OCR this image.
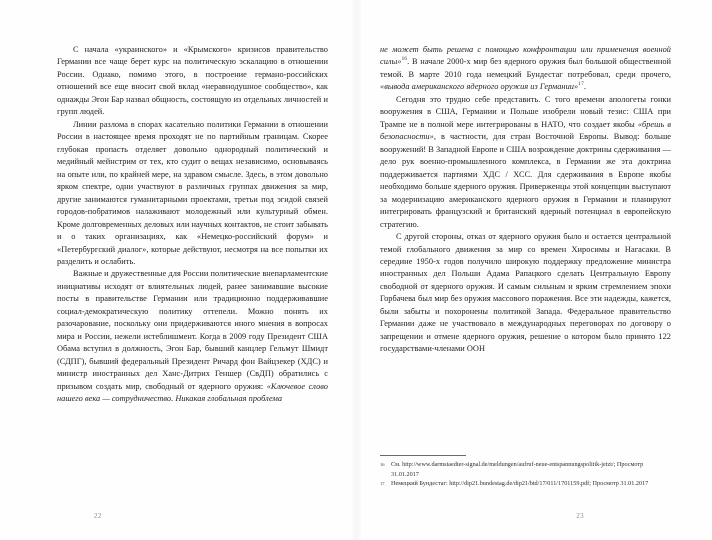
С начала «украинского» и «Крымского» кризисов правительство Германии все чаще берет курс на политическую эскалацию в отношении России. Однако, помимо этого, в построение германо-российских отношений все еще вносит свой вклад «неравнодушное сообщество», как однажды Эгон Бар назвал общность, состоящую из отдельных личностей и групп людей.

Линии разлома в спорах касательно политики Германии в отношении России в настоящее время проходят не по партийным границам. Скорее глубокая пропасть отделяет довольно однородный политический и медийный мейнстрим от тех, кто судит о вещах независимо, основываясь на опыте или, по крайней мере, на здравом смысле. Здесь, в этом довольно ярком спектре, одни участвуют в различных группах движения за мир, другие занимаются гуманитарными проектами, третьи под эгидой связей городов-побратимов налаживают молодежный или культурный обмен. Кроме долговременных деловых или научных контактов, не стоит забывать и о таких организациях, как «Немецко-российский форум» и «Петербургский диалог», которые действуют, несмотря на все попытки их разделить и ослабить.

Важные и дружественные для России политические внепарламентские инициативы исходят от влиятельных людей, ранее занимавшие высокие посты в правительстве Германии или традиционно поддерживавшие социал-демократическую политику оттепели. Можно понять их разочарование, поскольку они придерживаются иного мнения в вопросах мира и России, нежели истеблишмент. Когда в 2009 году Президент США Обама вступил в должность, Эгон Бар, бывший канцлер Гельмут Шмидт (СДПГ), бывший федеральный Президент Ричард фон Вайцзекер (ХДС) и министр иностранных дел Ханс-Дитрих Геншер (СвДП) обратились с призывом создать мир, свободный от ядерного оружия: «Ключевое слово нашего века — сотрудничество. Никакая глобальная проблема

22

не может быть решена с помощью конфронтации или применения военной силы»$^{16}$. В начале 2000-х мир без ядерного оружия был большой общественной темой. В марте 2010 года немецкий Бундестаг потребовал, среди прочего, «вывода американского ядерного оружия из Германии»$^{17}$.

Сегодня это трудно себе представить. С того времени апологеты гонки вооружения в США, Германии и Польше изобрели новый тезис: США при Трампе не в полной мере интегрированы в НАТО, что создает якобы «брешь в безопасности», в частности, для стран Восточной Европы. Вывод: больше вооружений! В Западной Европе и США возрождение доктрины сдерживания — дело рук военно-промышленного комплекса, в Германии же эта доктрина поддерживается партиями ХДС / ХСС. Для сдерживания в Европе якобы необходимо больше ядерного оружия. Приверженцы этой концепции выступают за модернизацию американского ядерного оружия в Германии и планируют интегрировать французский и британский ядерный потенциал в европейскую стратегию.

С другой стороны, отказ от ядерного оружия было и остается центральной темой глобального движения за мир со времен Хиросимы и Нагасаки. В середине 1950-х годов получило широкую поддержку предложение министра иностранных дел Польши Адама Рапацкого сделать Центральную Европу свободной от ядерного оружия. И самым сильным и ярким стремлением эпохи Горбачева был мир без оружия массового поражения. Все эти надежды, кажется, были забыты и похоронены политикой Запада. Федеральное правительство Германии даже не участвовало в международных переговорах по договору о запрещении и отмене ядерного оружия, решение о котором было принято 122 государствами-членами ООН

16	См. http://www.darmstaedter-signal.de/meldungen/aufruf-neue-entspannungspolitik-jetzt/; Просмотр 31.01.2017
17	Немецкий Бундестаг: http://dip21.bundestag.de/dip21/btd/17/011/1701159.pdf; Просмотр 31.01.2017
23
